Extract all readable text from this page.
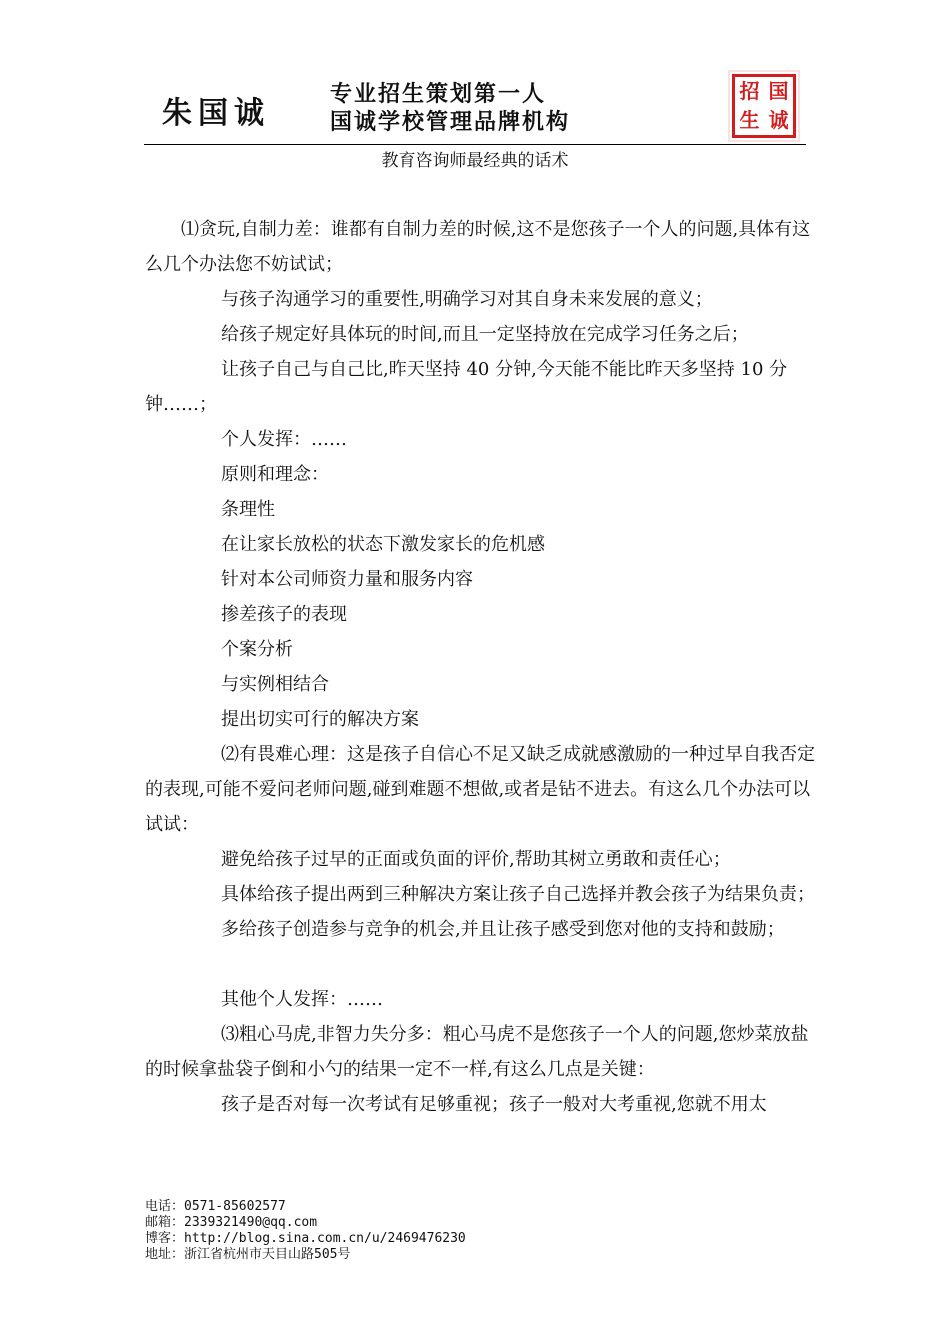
朱国诚
专业招生策划第一人
国诚学校管理品牌机构
招 国
生 诚
教育咨询师最经典的话术

⑴贪玩,自制力差：谁都有自制力差的时候,这不是您孩子一个人的问题,具体有这么几个办法您不妨试试；

与孩子沟通学习的重要性,明确学习对其自身未来发展的意义；

给孩子规定好具体玩的时间,而且一定坚持放在完成学习任务之后；

让孩子自己与自己比,昨天坚持 40 分钟,今天能不能比昨天多坚持 10 分钟……；

个人发挥：……

原则和理念：

条理性

在让家长放松的状态下激发家长的危机感

针对本公司师资力量和服务内容

掺差孩子的表现

个案分析

与实例相结合

提出切实可行的解决方案

⑵有畏难心理：这是孩子自信心不足又缺乏成就感激励的一种过早自我否定的表现,可能不爱问老师问题,碰到难题不想做,或者是钻不进去。有这么几个办法可以试试：

避免给孩子过早的正面或负面的评价,帮助其树立勇敢和责任心；

具体给孩子提出两到三种解决方案让孩子自己选择并教会孩子为结果负责；

多给孩子创造参与竞争的机会,并且让孩子感受到您对他的支持和鼓励；

其他个人发挥：……

⑶粗心马虎,非智力失分多：粗心马虎不是您孩子一个人的问题,您炒菜放盐的时候拿盐袋子倒和小勺的结果一定不一样,有这么几点是关键：

孩子是否对每一次考试有足够重视；孩子一般对大考重视,您就不用太

电话：0571-85602577
邮箱：2339321490@qq.com
博客：http://blog.sina.com.cn/u/2469476230
地址：浙江省杭州市天目山路505号
